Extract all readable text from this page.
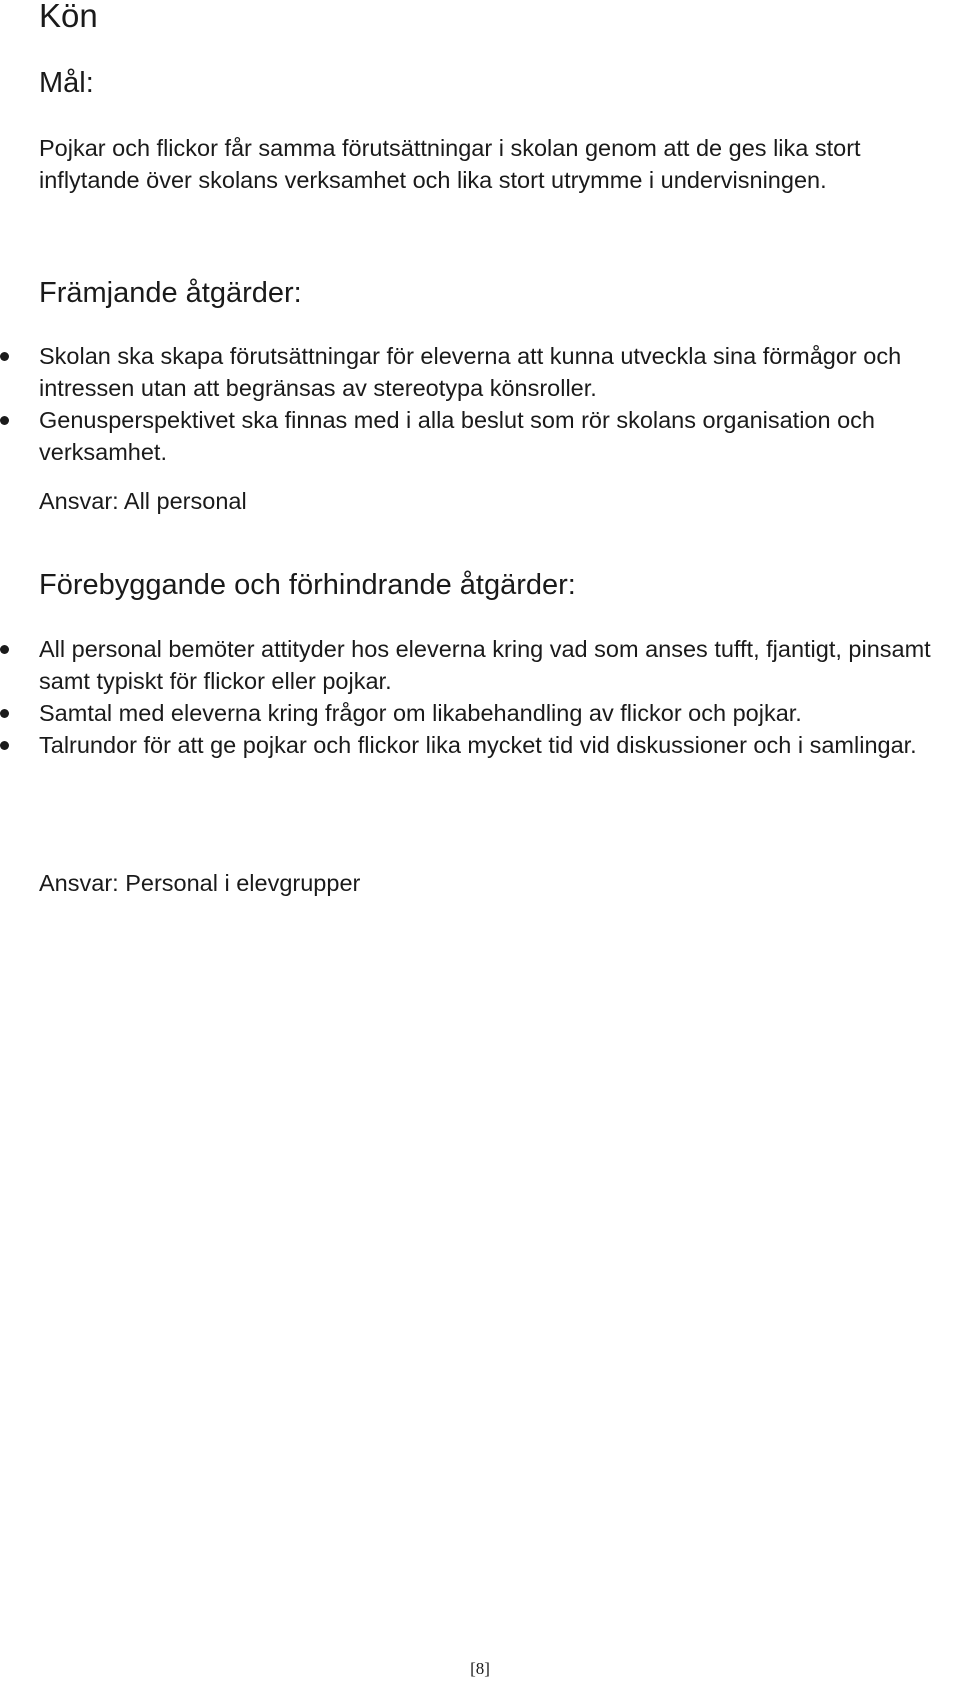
Kön
Mål:

Pojkar och flickor får samma förutsättningar i skolan genom att de ges lika stort inflytande över skolans verksamhet och lika stort utrymme i undervisningen.

Främjande åtgärder:
Skolan ska skapa förutsättningar för eleverna att kunna utveckla sina förmågor och intressen utan att begränsas av stereotypa könsroller.
Genusperspektivet ska finnas med i alla beslut som rör skolans organisation och verksamhet.

Ansvar: All personal

Förebyggande och förhindrande åtgärder:
All personal bemöter attityder hos eleverna kring vad som anses tufft, fjantigt, pinsamt samt typiskt för flickor eller pojkar.
Samtal med eleverna kring frågor om likabehandling av flickor och pojkar.
Talrundor för att ge pojkar och flickor lika mycket tid vid diskussioner och i samlingar.

Ansvar: Personal i elevgrupper

[8]
